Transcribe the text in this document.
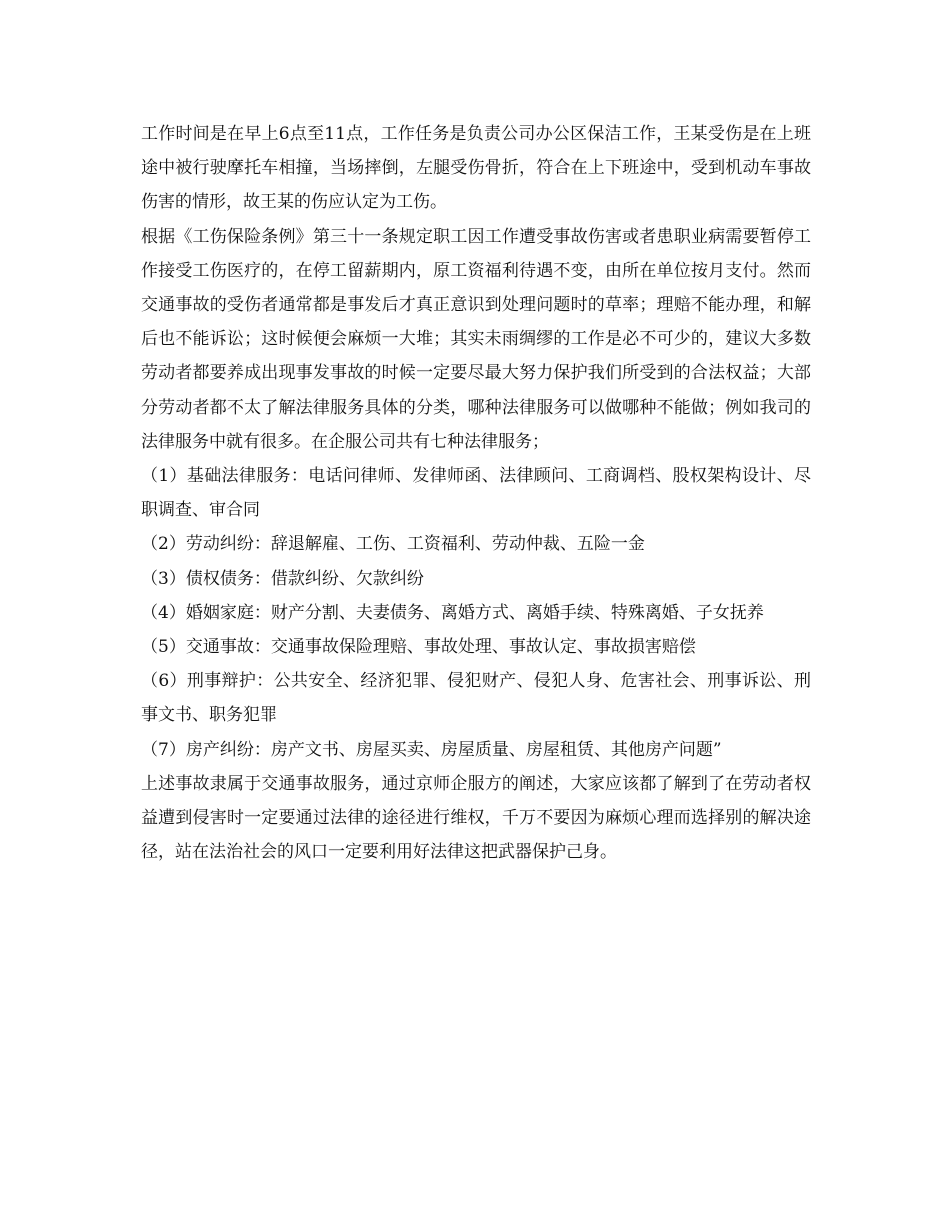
工作时间是在早上6点至11点，工作任务是负责公司办公区保洁工作，王某受伤是在上班途中被行驶摩托车相撞，当场摔倒，左腿受伤骨折，符合在上下班途中，受到机动车事故伤害的情形，故王某的伤应认定为工伤。

根据《工伤保险条例》第三十一条规定职工因工作遭受事故伤害或者患职业病需要暂停工作接受工伤医疗的，在停工留薪期内，原工资福利待遇不变，由所在单位按月支付。然而交通事故的受伤者通常都是事发后才真正意识到处理问题时的草率；理赔不能办理，和解后也不能诉讼；这时候便会麻烦一大堆；其实未雨绸缪的工作是必不可少的，建议大多数劳动者都要养成出现事发事故的时候一定要尽最大努力保护我们所受到的合法权益；大部分劳动者都不太了解法律服务具体的分类，哪种法律服务可以做哪种不能做；例如我司的法律服务中就有很多。在企服公司共有七种法律服务；

（1）基础法律服务：电话问律师、发律师函、法律顾问、工商调档、股权架构设计、尽职调查、审合同

（2）劳动纠纷：辞退解雇、工伤、工资福利、劳动仲裁、五险一金

（3）债权债务：借款纠纷、欠款纠纷

（4）婚姻家庭：财产分割、夫妻债务、离婚方式、离婚手续、特殊离婚、子女抚养

（5）交通事故：交通事故保险理赔、事故处理、事故认定、事故损害赔偿

（6）刑事辩护：公共安全、经济犯罪、侵犯财产、侵犯人身、危害社会、刑事诉讼、刑事文书、职务犯罪

（7）房产纠纷：房产文书、房屋买卖、房屋质量、房屋租赁、其他房产问题”

上述事故隶属于交通事故服务，通过京师企服方的阐述，大家应该都了解到了在劳动者权益遭到侵害时一定要通过法律的途径进行维权，千万不要因为麻烦心理而选择别的解决途径，站在法治社会的风口一定要利用好法律这把武器保护己身。
